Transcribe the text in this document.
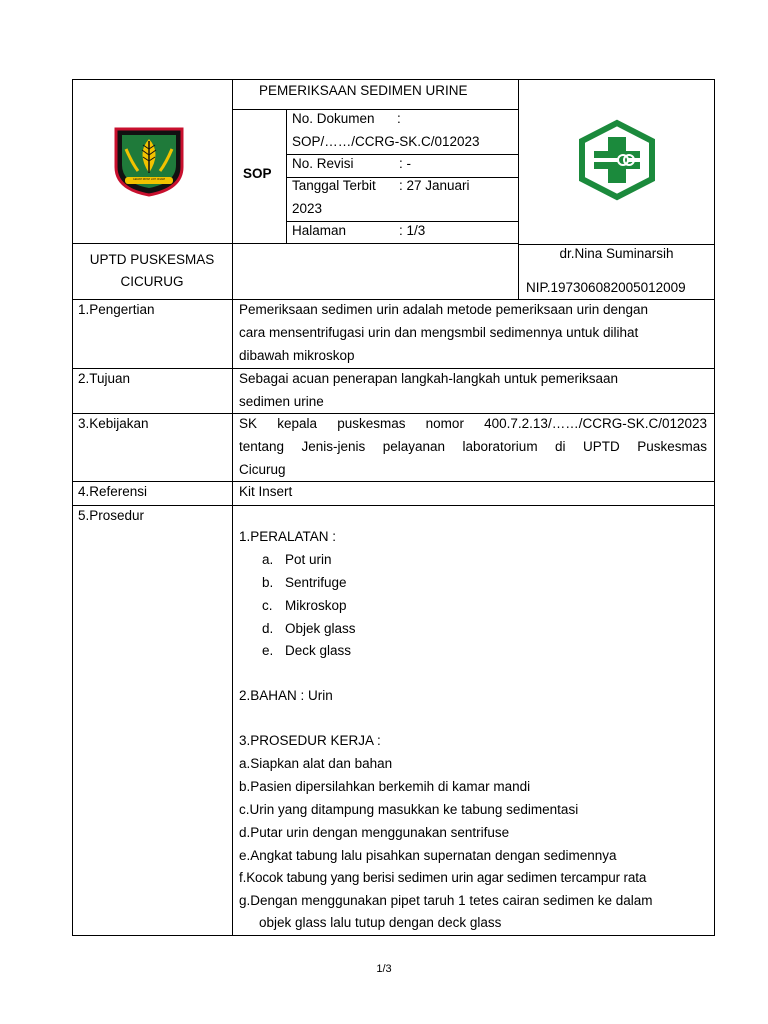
GEMAH RIPAH LOH JINAWI
PEMERIKSAAN SEDIMEN URINE
SOP
No. Dokumen :
SOP/……/CCRG-SK.C/012023
No. Revisi	: -
Tanggal Terbit : 27 Januari
2023
Halaman	: 1/3
UPTD PUSKESMAS
CICURUG
dr.Nina Suminarsih
NIP.197306082005012009
1.Pengertian
2.Tujuan
3.Kebijakan
4.Referensi
5.Prosedur
Pemeriksaan sedimen urin adalah metode pemeriksaan urin dengan
cara mensentrifugasi urin dan mengsmbil sedimennya untuk dilihat
dibawah mikroskop
Sebagai acuan penerapan langkah-langkah untuk pemeriksaan
sedimen urine
SK kepala puskesmas nomor 400.7.2.13/……/CCRG-SK.C/012023
tentang Jenis-jenis pelayanan laboratorium di UPTD Puskesmas
Cicurug
Kit Insert
1.PERALATAN :
a. Pot urin
b. Sentrifuge
c. Mikroskop
d. Objek glass
e. Deck glass
2.BAHAN : Urin
3.PROSEDUR KERJA :
a.Siapkan alat dan bahan
b.Pasien dipersilahkan berkemih di kamar mandi
c.Urin yang ditampung masukkan ke tabung sedimentasi
d.Putar urin dengan menggunakan sentrifuse
e.Angkat tabung lalu pisahkan supernatan dengan sedimennya
f.Kocok tabung yang berisi sedimen urin agar sedimen tercampur rata
g.Dengan menggunakan pipet taruh 1 tetes cairan sedimen ke dalam
objek glass lalu tutup dengan deck glass
1/3
